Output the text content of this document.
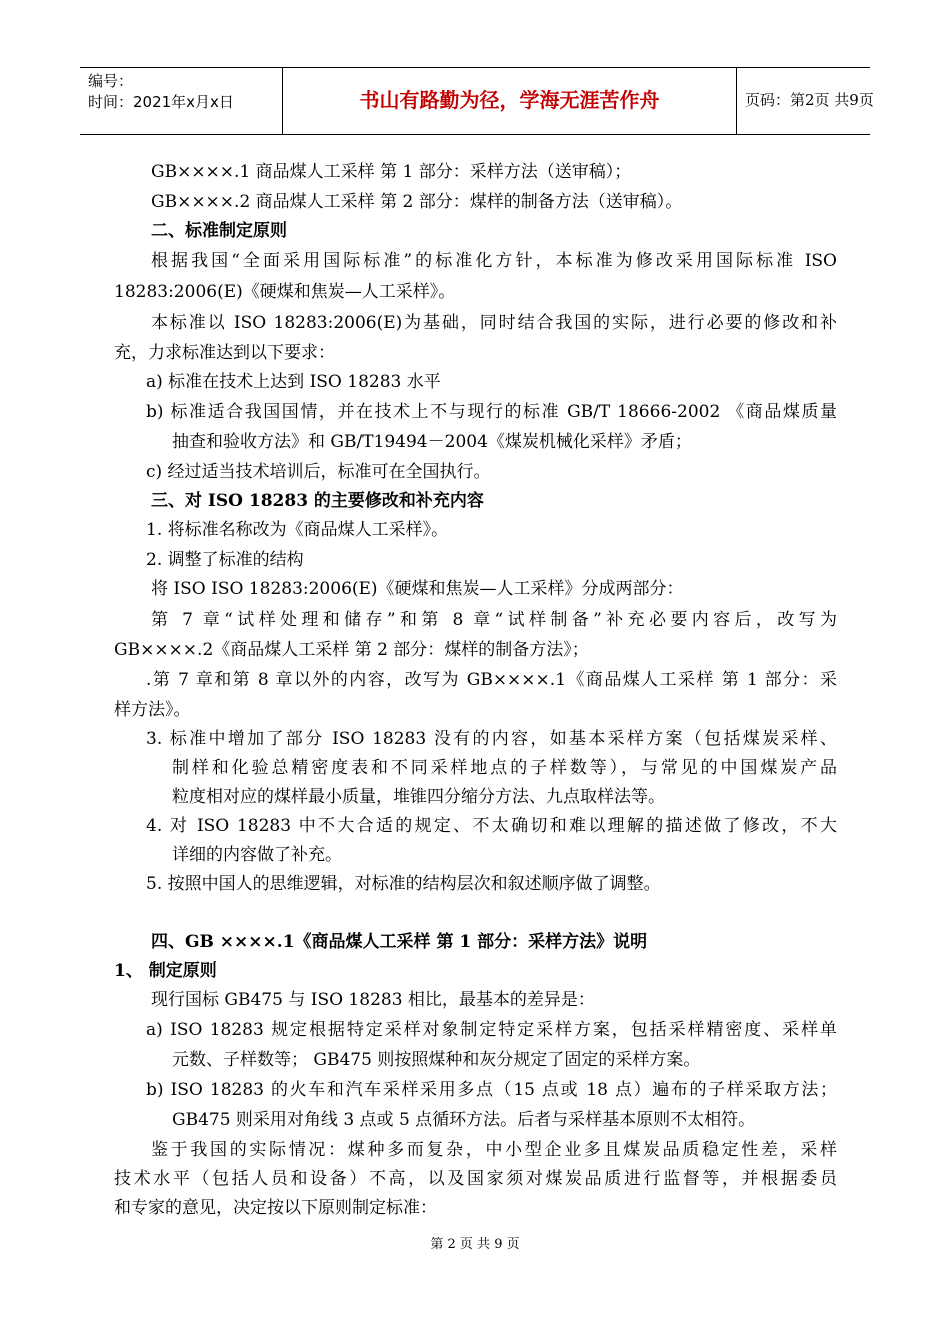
编号：
时间：2021年x月x日	书山有路勤为径，学海无涯苦作舟	页码：第2页 共9页
GB××××.1 商品煤人工采样 第 1 部分：采样方法（送审稿）；
GB××××.2 商品煤人工采样 第 2 部分：煤样的制备方法（送审稿）。
二、标准制定原则
根据我国“全面采用国际标准”的标准化方针，本标准为修改采用国际标准 ISO
18283:2006(E)《硬煤和焦炭—人工采样》。
本标准以 ISO 18283:2006(E)为基础，同时结合我国的实际，进行必要的修改和补
充，力求标准达到以下要求：
a) 标准在技术上达到 ISO 18283 水平
b) 标准适合我国国情，并在技术上不与现行的标准 GB/T 18666-2002 《商品煤质量
抽查和验收方法》和 GB/T19494－2004《煤炭机械化采样》矛盾；
c) 经过适当技术培训后，标准可在全国执行。
三、对 ISO 18283 的主要修改和补充内容
1. 将标准名称改为《商品煤人工采样》。
2. 调整了标准的结构
将 ISO ISO 18283:2006(E)《硬煤和焦炭—人工采样》分成两部分：
第 7 章“试样处理和储存”和第 8 章“试样制备”补充必要内容后，改写为
GB××××.2《商品煤人工采样 第 2 部分：煤样的制备方法》；
.第 7 章和第 8 章以外的内容，改写为 GB××××.1《商品煤人工采样 第 1 部分：采
样方法》。
3. 标准中增加了部分 ISO 18283 没有的内容，如基本采样方案（包括煤炭采样、
制样和化验总精密度表和不同采样地点的子样数等），与常见的中国煤炭产品
粒度相对应的煤样最小质量，堆锥四分缩分方法、九点取样法等。
4. 对 ISO 18283 中不大合适的规定、不太确切和难以理解的描述做了修改，不大
详细的内容做了补充。
5. 按照中国人的思维逻辑，对标准的结构层次和叙述顺序做了调整。
四、GB ××××.1《商品煤人工采样 第 1 部分：采样方法》说明
1、 制定原则
现行国标 GB475 与 ISO 18283 相比，最基本的差异是：
a) ISO 18283 规定根据特定采样对象制定特定采样方案，包括采样精密度、采样单
元数、子样数等； GB475 则按照煤种和灰分规定了固定的采样方案。
b) ISO 18283 的火车和汽车采样采用多点（15 点或 18 点）遍布的子样采取方法；
GB475 则采用对角线 3 点或 5 点循环方法。后者与采样基本原则不太相符。
鉴于我国的实际情况：煤种多而复杂，中小型企业多且煤炭品质稳定性差，采样
技术水平（包括人员和设备）不高，以及国家须对煤炭品质进行监督等，并根据委员
和专家的意见，决定按以下原则制定标准：
第 2 页 共 9 页
